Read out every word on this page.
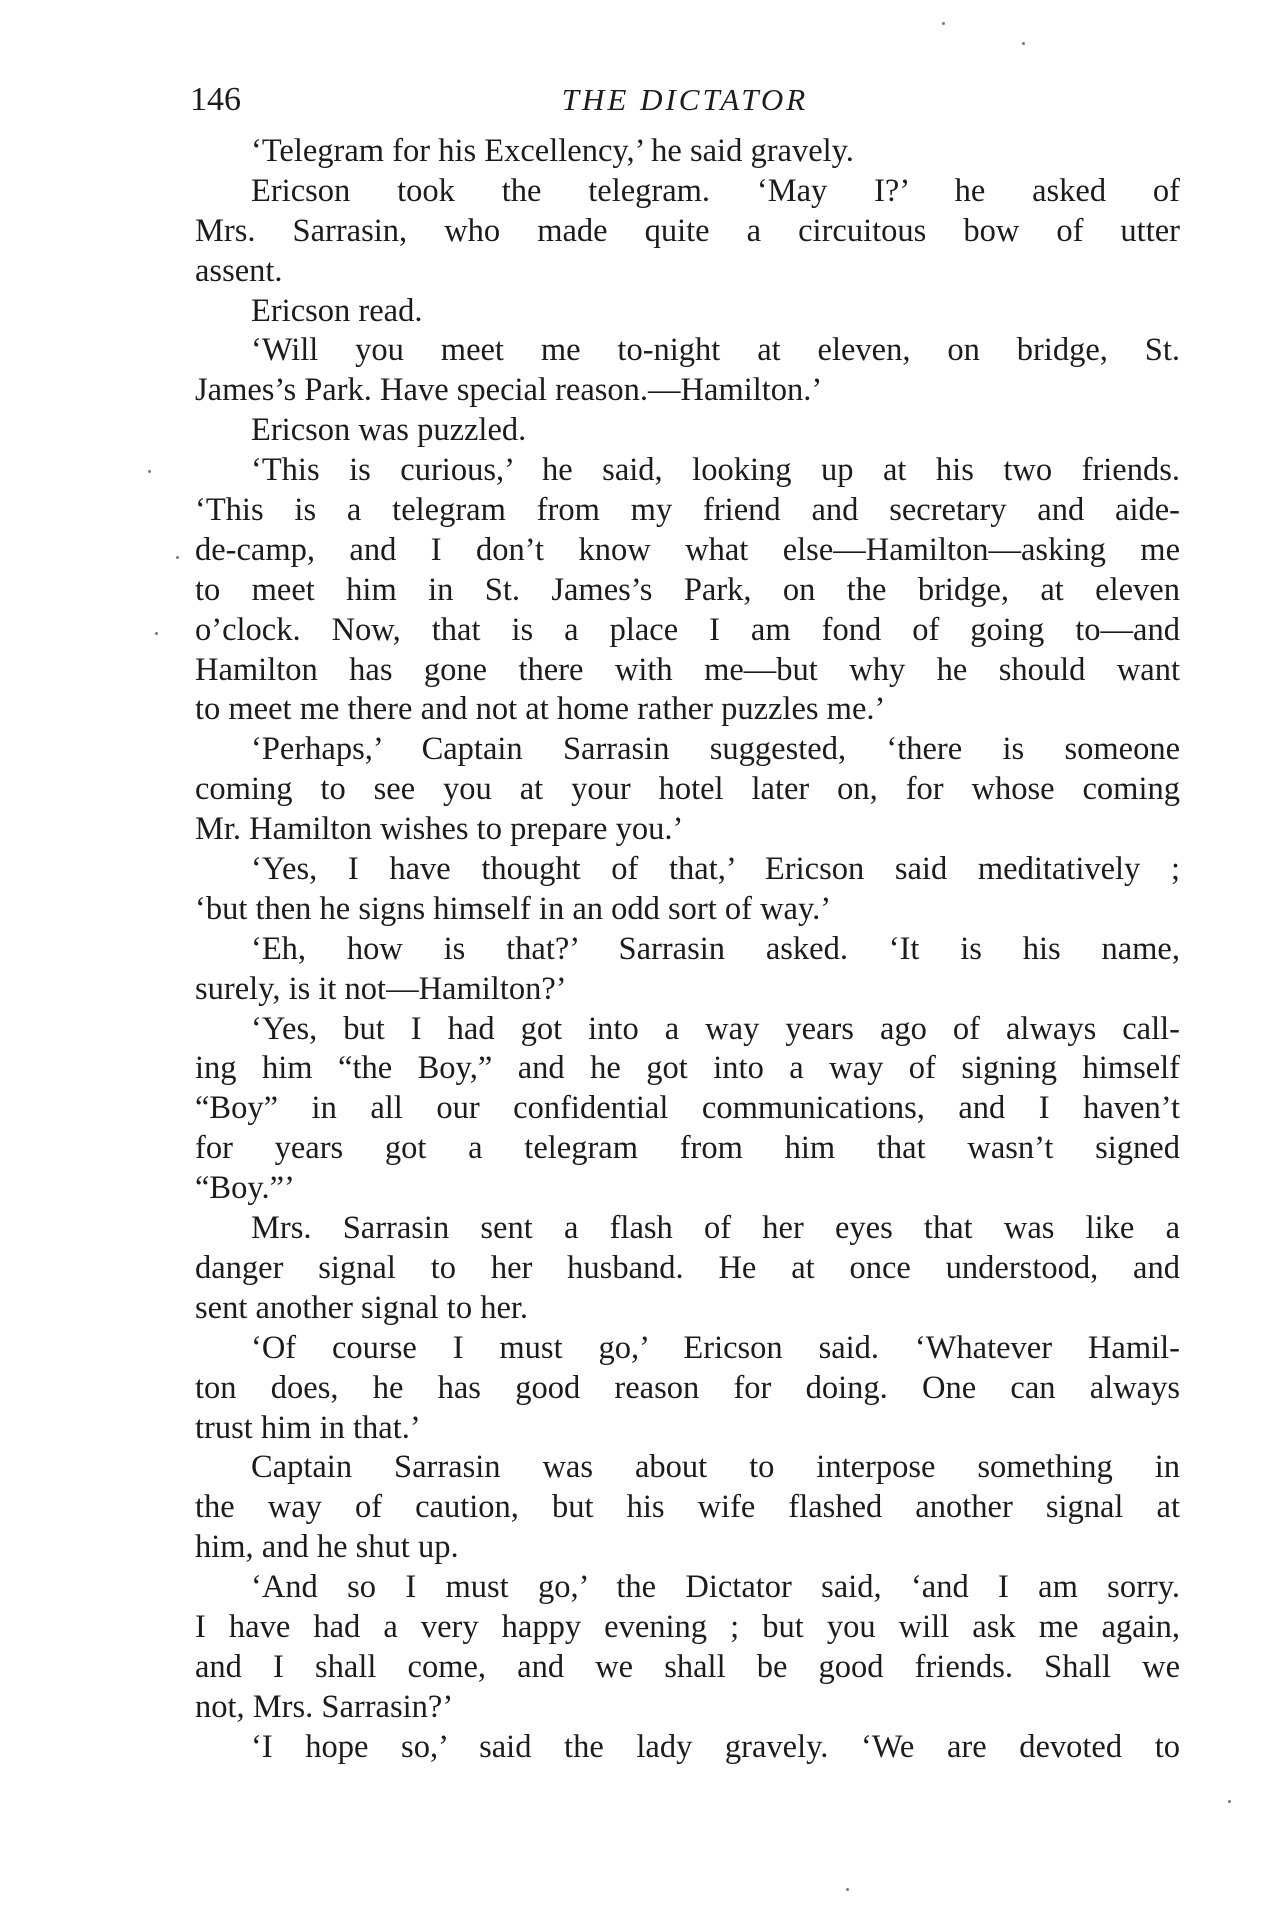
146	THE DICTATOR
‘Telegram for his Excellency,’ he said gravely.
Ericson took the telegram. ‘May I?’ he asked of
Mrs. Sarrasin, who made quite a circuitous bow of utter
assent.
Ericson read.
‘Will you meet me to-night at eleven, on bridge, St.
James’s Park. Have special reason.—Hamilton.’
Ericson was puzzled.
‘This is curious,’ he said, looking up at his two friends.
‘This is a telegram from my friend and secretary and aide-
de-camp, and I don’t know what else—Hamilton—asking me
to meet him in St. James’s Park, on the bridge, at eleven
o’clock. Now, that is a place I am fond of going to—and
Hamilton has gone there with me—but why he should want
to meet me there and not at home rather puzzles me.’
‘Perhaps,’ Captain Sarrasin suggested, ‘there is someone
coming to see you at your hotel later on, for whose coming
Mr. Hamilton wishes to prepare you.’
‘Yes, I have thought of that,’ Ericson said meditatively ;
‘but then he signs himself in an odd sort of way.’
‘Eh, how is that?’ Sarrasin asked. ‘It is his name,
surely, is it not—Hamilton?’
‘Yes, but I had got into a way years ago of always call-
ing him “the Boy,” and he got into a way of signing himself
“Boy” in all our confidential communications, and I haven’t
for years got a telegram from him that wasn’t signed
“Boy.”’
Mrs. Sarrasin sent a flash of her eyes that was like a
danger signal to her husband. He at once understood, and
sent another signal to her.
‘Of course I must go,’ Ericson said. ‘Whatever Hamil-
ton does, he has good reason for doing. One can always
trust him in that.’
Captain Sarrasin was about to interpose something in
the way of caution, but his wife flashed another signal at
him, and he shut up.
‘And so I must go,’ the Dictator said, ‘and I am sorry.
I have had a very happy evening ; but you will ask me again,
and I shall come, and we shall be good friends. Shall we
not, Mrs. Sarrasin?’
‘I hope so,’ said the lady gravely. ‘We are devoted to
